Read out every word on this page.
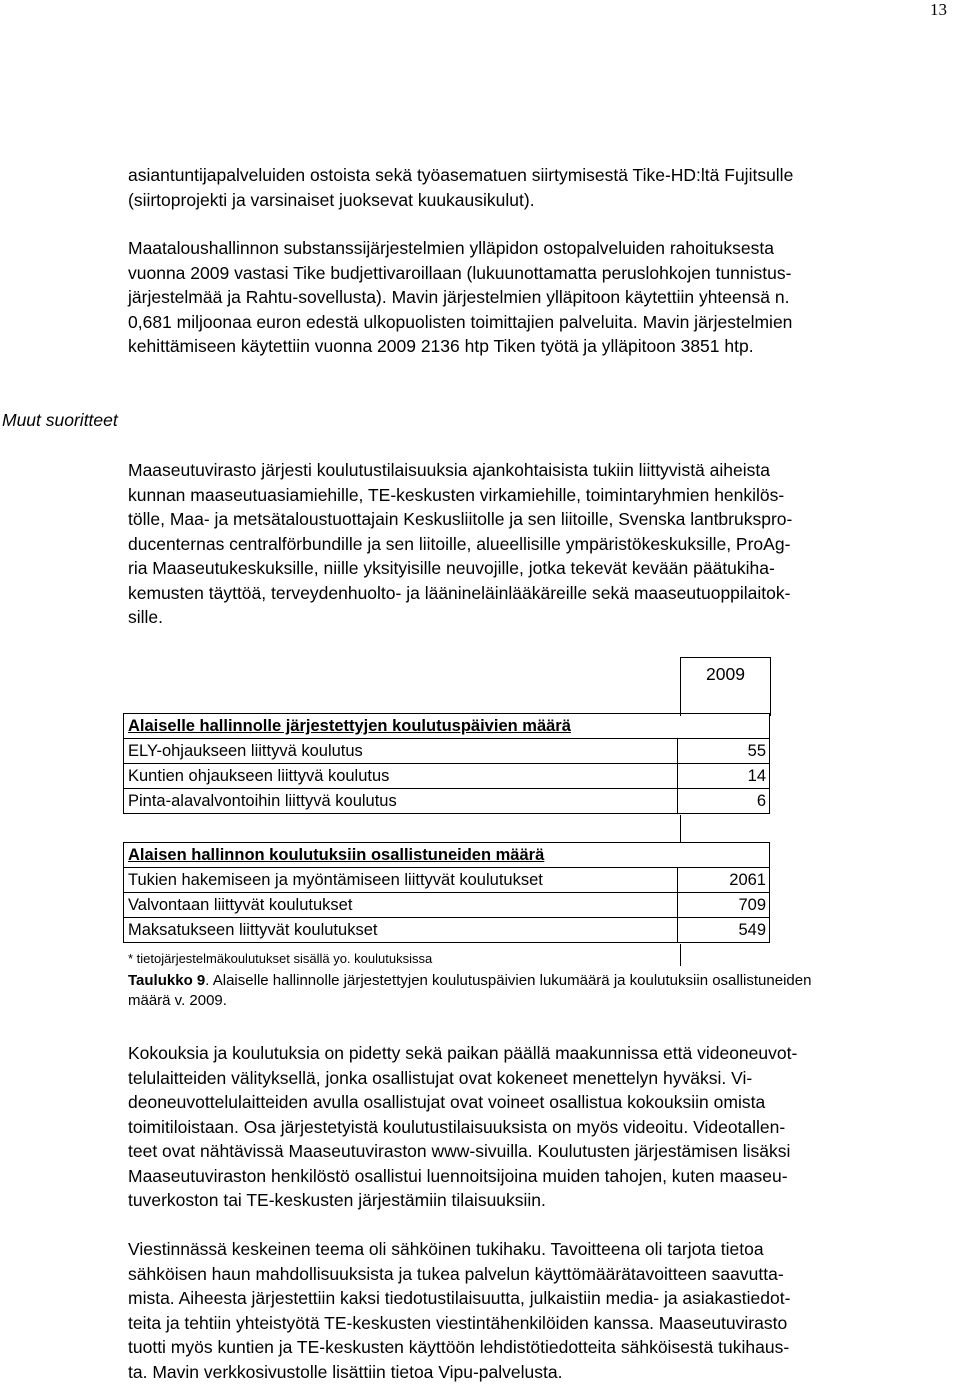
13

asiantuntijapalveluiden ostoista sekä työasematuen siirtymisestä Tike-HD:ltä Fujitsulle
(siirtoprojekti ja varsinaiset juoksevat kuukausikulut).

Maataloushallinnon substanssijärjestelmien ylläpidon ostopalveluiden rahoituksesta
vuonna 2009 vastasi Tike budjettivaroillaan (lukuunottamatta peruslohkojen tunnistus-
järjestelmää ja Rahtu-sovellusta). Mavin järjestelmien ylläpitoon käytettiin yhteensä n.
0,681 miljoonaa euron edestä ulkopuolisten toimittajien palveluita. Mavin järjestelmien
kehittämiseen käytettiin vuonna 2009 2136 htp Tiken työtä ja ylläpitoon 3851 htp.

Muut suoritteet

Maaseutuvirasto järjesti koulutustilaisuuksia ajankohtaisista tukiin liittyvistä aiheista
kunnan maaseutuasiamiehille, TE-keskusten virkamiehille, toimintaryhmien henkilös-
tölle, Maa- ja metsätaloustuottajain Keskusliitolle ja sen liitoille, Svenska lantbrukspro-
ducenternas centralförbundille ja sen liitoille, alueellisille ympäristökeskuksille, ProAg-
ria Maaseutukeskuksille, niille yksityisille neuvojille, jotka tekevät kevään päätukiha-
kemusten täyttöä, terveydenhuolto- ja läänineläinlääkäreille sekä maaseutuoppilaitok-
sille.

2009
Alaiselle hallinnolle järjestettyjen koulutuspäivien määrä	
ELY-ohjaukseen liittyvä koulutus	55
Kuntien ohjaukseen liittyvä koulutus	14
Pinta-alavalvontoihin liittyvä koulutus	6
Alaisen hallinnon koulutuksiin osallistuneiden määrä	
Tukien hakemiseen ja myöntämiseen liittyvät koulutukset	2061
Valvontaan liittyvät koulutukset	709
Maksatukseen liittyvät koulutukset	549
* tietojärjestelmäkoulutukset sisällä yo. koulutuksissa
Taulukko 9. Alaiselle hallinnolle järjestettyjen koulutuspäivien lukumäärä ja koulutuksiin osallistuneiden
määrä v. 2009.

Kokouksia ja koulutuksia on pidetty sekä paikan päällä maakunnissa että videoneuvot-
telulaitteiden välityksellä, jonka osallistujat ovat kokeneet menettelyn hyväksi. Vi-
deoneuvottelulaitteiden avulla osallistujat ovat voineet osallistua kokouksiin omista
toimitiloistaan. Osa järjestetyistä koulutustilaisuuksista on myös videoitu. Videotallen-
teet ovat nähtävissä Maaseutuviraston www-sivuilla. Koulutusten järjestämisen lisäksi
Maaseutuviraston henkilöstö osallistui luennoitsijoina muiden tahojen, kuten maaseu-
tuverkoston tai TE-keskusten järjestämiin tilaisuuksiin.

Viestinnässä keskeinen teema oli sähköinen tukihaku. Tavoitteena oli tarjota tietoa
sähköisen haun mahdollisuuksista ja tukea palvelun käyttömäärätavoitteen saavutta-
mista. Aiheesta järjestettiin kaksi tiedotustilaisuutta, julkaistiin media- ja asiakastiedot-
teita ja tehtiin yhteistyötä TE-keskusten viestintähenkilöiden kanssa. Maaseutuvirasto
tuotti myös kuntien ja TE-keskusten käyttöön lehdistötiedotteita sähköisestä tukihaus-
ta. Mavin verkkosivustolle lisättiin tietoa Vipu-palvelusta.
